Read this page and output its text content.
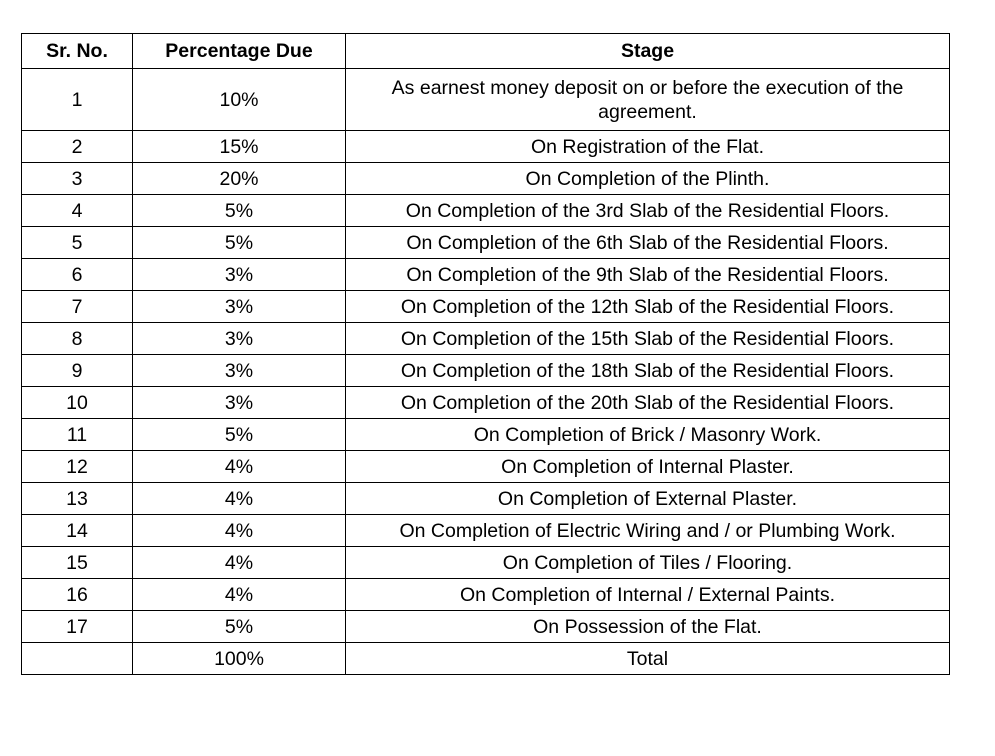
Sr. No.	Percentage Due	Stage
1	10%	As earnest money deposit on or before the execution of the agreement.
2	15%	On Registration of the Flat.
3	20%	On Completion of the Plinth.
4	5%	On Completion of the 3rd Slab of the Residential Floors.
5	5%	On Completion of the 6th Slab of the Residential Floors.
6	3%	On Completion of the 9th Slab of the Residential Floors.
7	3%	On Completion of the 12th Slab of the Residential Floors.
8	3%	On Completion of the 15th Slab of the Residential Floors.
9	3%	On Completion of the 18th Slab of the Residential Floors.
10	3%	On Completion of the 20th Slab of the Residential Floors.
11	5%	On Completion of Brick / Masonry Work.
12	4%	On Completion of Internal Plaster.
13	4%	On Completion of External Plaster.
14	4%	On Completion of Electric Wiring and / or Plumbing Work.
15	4%	On Completion of Tiles / Flooring.
16	4%	On Completion of Internal / External Paints.
17	5%	On Possession of the Flat.
	100%	Total
